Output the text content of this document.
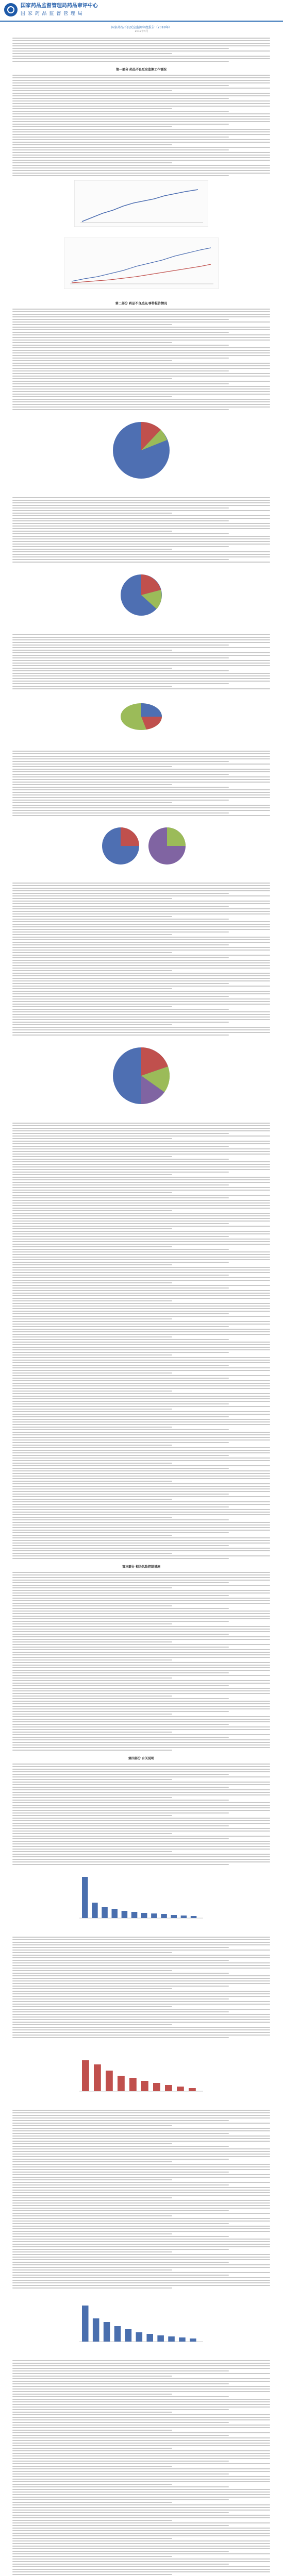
国家药品监督管理局药品审评中心
国 家 药 品 监 督 管 理 局
国家药品不良反应监测年度报告（2018年）
2019年4月
第一部分 药品不良反应监测工作情况

第二部分 药品不良反应/事件报告情况

第三部分 相关风险控制措施
第四部分 有关说明
